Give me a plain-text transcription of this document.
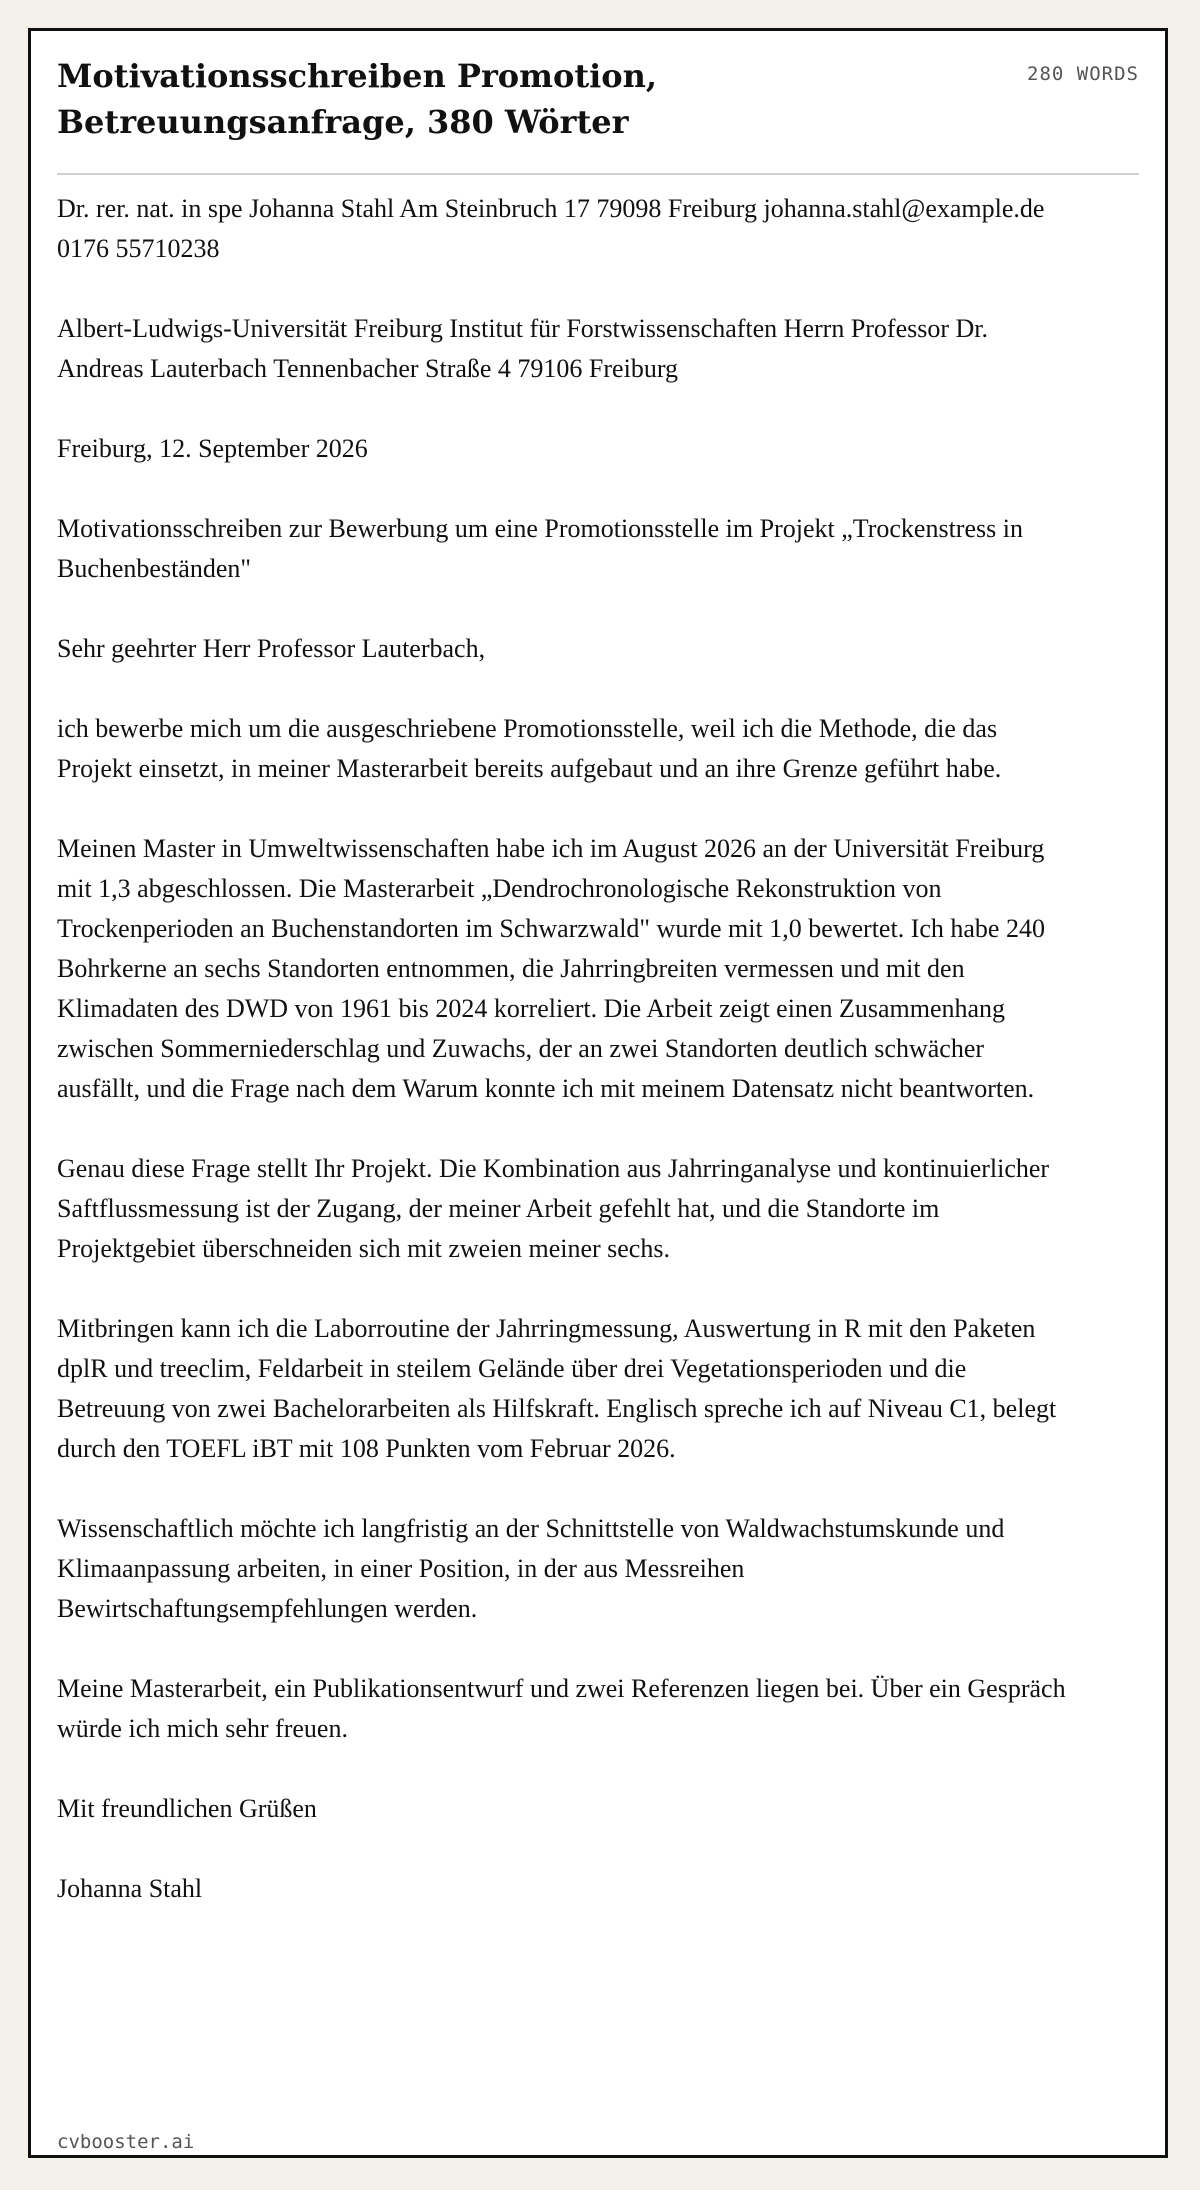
Motivationsschreiben Promotion,
Betreuungsanfrage, 380 Wörter
280 WORDS

Dr. rer. nat. in spe Johanna Stahl Am Steinbruch 17 79098 Freiburg johanna.stahl@example.de 0176 55710238

Albert-Ludwigs-Universität Freiburg Institut für Forstwissenschaften Herrn Professor Dr. Andreas Lauterbach Tennenbacher Straße 4 79106 Freiburg

Freiburg, 12. September 2026

Motivationsschreiben zur Bewerbung um eine Promotionsstelle im Projekt „Trockenstress in Buchenbeständen"

Sehr geehrter Herr Professor Lauterbach,

ich bewerbe mich um die ausgeschriebene Promotionsstelle, weil ich die Methode, die das Projekt einsetzt, in meiner Masterarbeit bereits aufgebaut und an ihre Grenze geführt habe.

Meinen Master in Umweltwissenschaften habe ich im August 2026 an der Universität Freiburg mit 1,3 abgeschlossen. Die Masterarbeit „Dendrochronologische Rekonstruktion von Trockenperioden an Buchenstandorten im Schwarzwald" wurde mit 1,0 bewertet. Ich habe 240 Bohrkerne an sechs Standorten entnommen, die Jahrringbreiten vermessen und mit den Klimadaten des DWD von 1961 bis 2024 korreliert. Die Arbeit zeigt einen Zusammenhang zwischen Sommerniederschlag und Zuwachs, der an zwei Standorten deutlich schwächer ausfällt, und die Frage nach dem Warum konnte ich mit meinem Datensatz nicht beantworten.

Genau diese Frage stellt Ihr Projekt. Die Kombination aus Jahrringanalyse und kontinuierlicher Saftflussmessung ist der Zugang, der meiner Arbeit gefehlt hat, und die Standorte im Projektgebiet überschneiden sich mit zweien meiner sechs.

Mitbringen kann ich die Laborroutine der Jahrringmessung, Auswertung in R mit den Paketen dplR und treeclim, Feldarbeit in steilem Gelände über drei Vegetationsperioden und die Betreuung von zwei Bachelorarbeiten als Hilfskraft. Englisch spreche ich auf Niveau C1, belegt durch den TOEFL iBT mit 108 Punkten vom Februar 2026.

Wissenschaftlich möchte ich langfristig an der Schnittstelle von Waldwachstumskunde und Klimaanpassung arbeiten, in einer Position, in der aus Messreihen Bewirtschaftungsempfehlungen werden.

Meine Masterarbeit, ein Publikationsentwurf und zwei Referenzen liegen bei. Über ein Gespräch würde ich mich sehr freuen.

Mit freundlichen Grüßen

Johanna Stahl

cvbooster.ai
